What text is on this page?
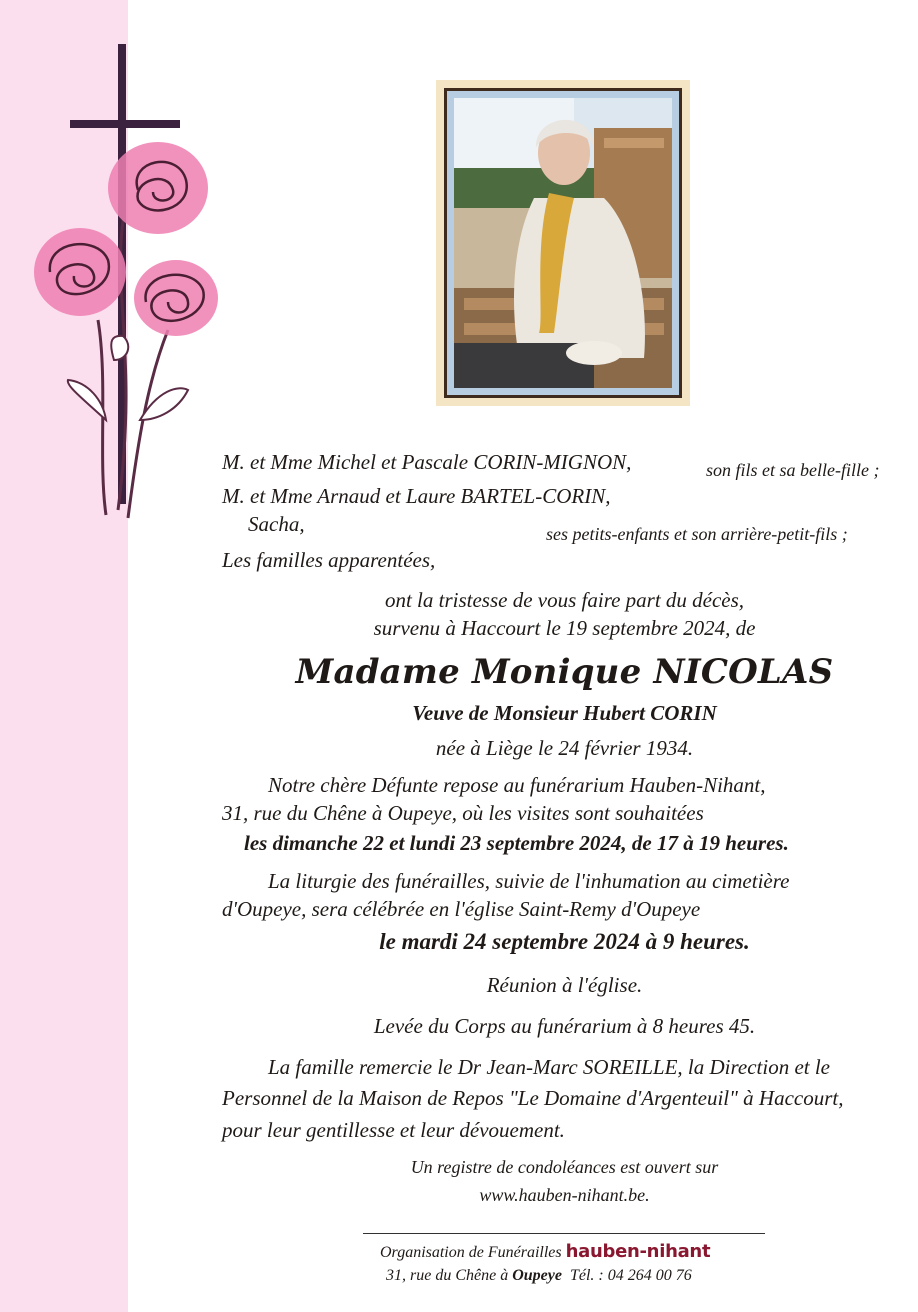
M. et Mme Michel et Pascale CORIN-MIGNON,	son fils et sa belle-fille ;
M. et Mme Arnaud et Laure BARTEL-CORIN,
Sacha,	ses petits-enfants et son arrière-petit-fils ;
Les familles apparentées,
ont la tristesse de vous faire part du décès,
survenu à Haccourt le 19 septembre 2024, de
Madame Monique NICOLAS
Veuve de Monsieur Hubert CORIN
née à Liège le 24 février 1934.
Notre chère Défunte repose au funérarium Hauben-Nihant,
31, rue du Chêne à Oupeye, où les visites sont souhaitées
les dimanche 22 et lundi 23 septembre 2024, de 17 à 19 heures.
La liturgie des funérailles, suivie de l'inhumation au cimetière
d'Oupeye, sera célébrée en l'église Saint-Remy d'Oupeye
le mardi 24 septembre 2024 à 9 heures.
Réunion à l'église.
Levée du Corps au funérarium à 8 heures 45.
La famille remercie le Dr Jean-Marc SOREILLE, la Direction et le
Personnel de la Maison de Repos "Le Domaine d'Argenteuil" à Haccourt,
pour leur gentillesse et leur dévouement.
Un registre de condoléances est ouvert sur
www.hauben-nihant.be.
Organisation de Funérailles hauben-nihant
31, rue du Chêne à Oupeye Tél. : 04 264 00 76
